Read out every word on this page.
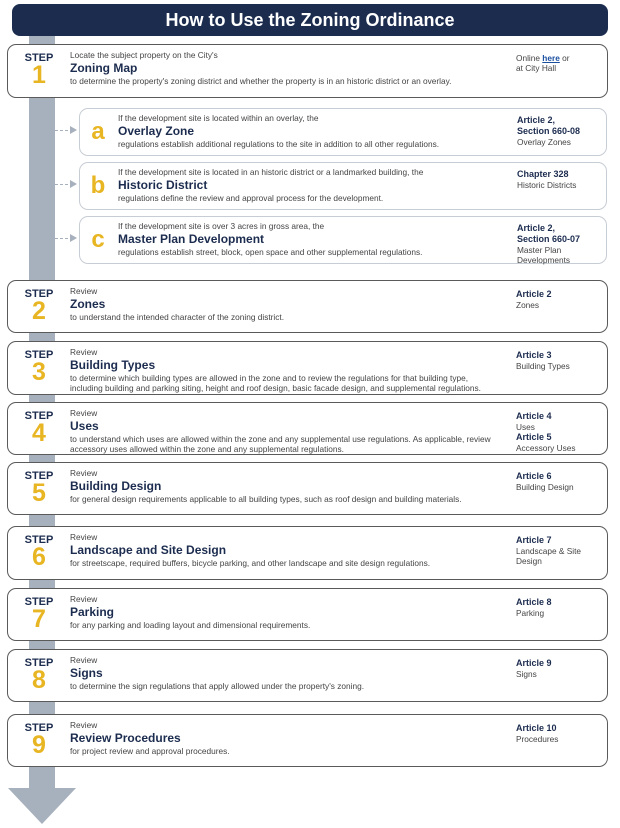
How to Use the Zoning Ordinance
STEP
1
Locate the subject property on the City's
Zoning Map
to determine the property's zoning district and whether the property is in an historic district or an overlay.
Online here or
at City Hall
a	If the development site is located within an overlay, the
Overlay Zone
regulations establish additional regulations to the site in addition to all other regulations.
Article 2,
Section 660-08
Overlay Zones
b	If the development site is located in an historic district or a landmarked building, the
Historic District
regulations define the review and approval process for the development.
Chapter 328
Historic Districts
c	If the development site is over 3 acres in gross area, the
Master Plan Development
regulations establish street, block, open space and other supplemental regulations.
Article 2,
Section 660-07
Master Plan
Developments
STEP
2
Review
Zones
to understand the intended character of the zoning district.
Article 2
Zones
STEP
3
Review
Building Types
to determine which building types are allowed in the zone and to review the regulations for that building type, including building and parking siting, height and roof design, basic facade design, and supplemental regulations.
Article 3
Building Types
STEP
4
Review
Uses
to understand which uses are allowed within the zone and any supplemental use regulations. As applicable, review accessory uses allowed within the zone and any supplemental regulations.
Article 4
Uses
Article 5
Accessory Uses
STEP
5
Review
Building Design
for general design requirements applicable to all building types, such as roof design and building materials.
Article 6
Building Design
STEP
6
Review
Landscape and Site Design
for streetscape, required buffers, bicycle parking, and other landscape and site design regulations.
Article 7
Landscape & Site
Design
STEP
7
Review
Parking
for any parking and loading layout and dimensional requirements.
Article 8
Parking
STEP
8
Review
Signs
to determine the sign regulations that apply allowed under the property's zoning.
Article 9
Signs
STEP
9
Review
Review Procedures
for project review and approval procedures.
Article 10
Procedures
